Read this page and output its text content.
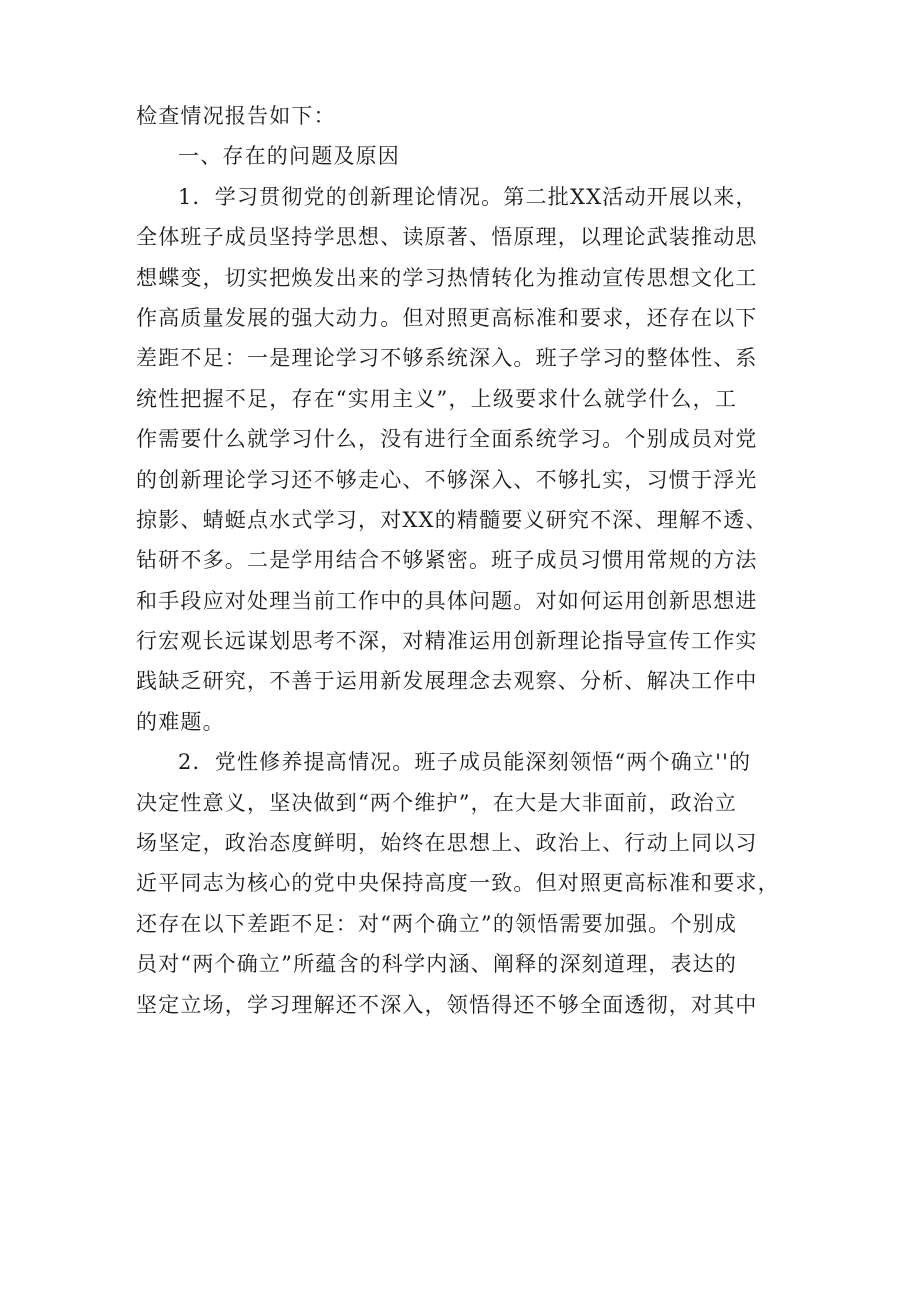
检查情况报告如下：
一、存在的问题及原因
1．学习贯彻党的创新理论情况。第二批XX活动开展以来，
全体班子成员坚持学思想、读原著、悟原理，以理论武装推动思
想蝶变，切实把焕发出来的学习热情转化为推动宣传思想文化工
作高质量发展的强大动力。但对照更高标准和要求，还存在以下
差距不足：一是理论学习不够系统深入。班子学习的整体性、系
统性把握不足，存在“实用主义”，上级要求什么就学什么，工
作需要什么就学习什么，没有进行全面系统学习。个别成员对党
的创新理论学习还不够走心、不够深入、不够扎实，习惯于浮光
掠影、蜻蜓点水式学习，对XX的精髓要义研究不深、理解不透、
钻研不多。二是学用结合不够紧密。班子成员习惯用常规的方法
和手段应对处理当前工作中的具体问题。对如何运用创新思想进
行宏观长远谋划思考不深，对精准运用创新理论指导宣传工作实
践缺乏研究，不善于运用新发展理念去观察、分析、解决工作中
的难题。
2．党性修养提高情况。班子成员能深刻领悟“两个确立''的
决定性意义，坚决做到“两个维护”，在大是大非面前，政治立
场坚定，政治态度鲜明，始终在思想上、政治上、行动上同以习
近平同志为核心的党中央保持高度一致。但对照更高标准和要求，
还存在以下差距不足：对“两个确立”的领悟需要加强。个别成
员对“两个确立”所蕴含的科学内涵、阐释的深刻道理，表达的
坚定立场，学习理解还不深入，领悟得还不够全面透彻，对其中
